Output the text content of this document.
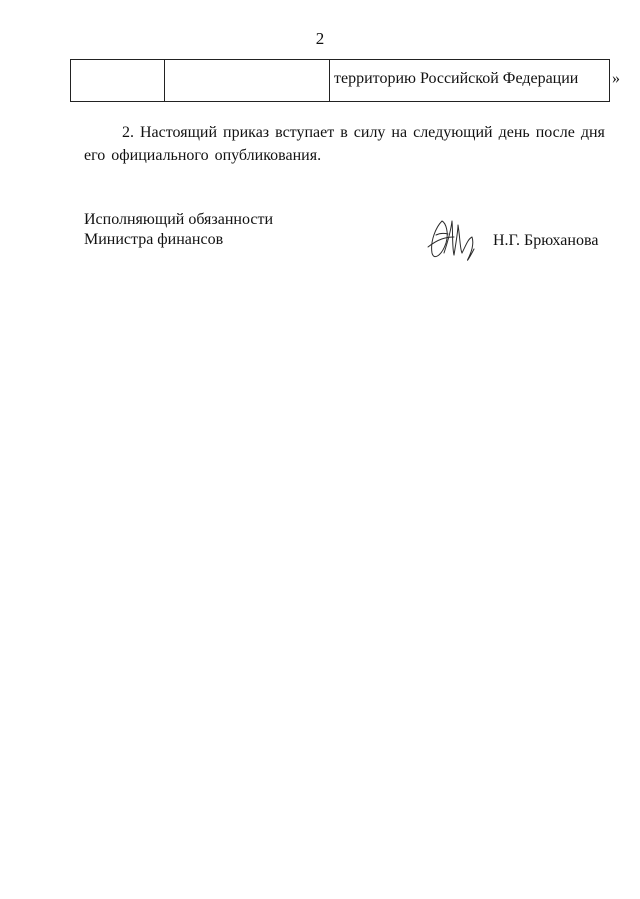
2
		территорию Российской Федерации »

2. Настоящий приказ вступает в силу на следующий день после дня его официального опубликования.

Исполняющий обязанности
Министра финансов	Н.Г. Брюханова
